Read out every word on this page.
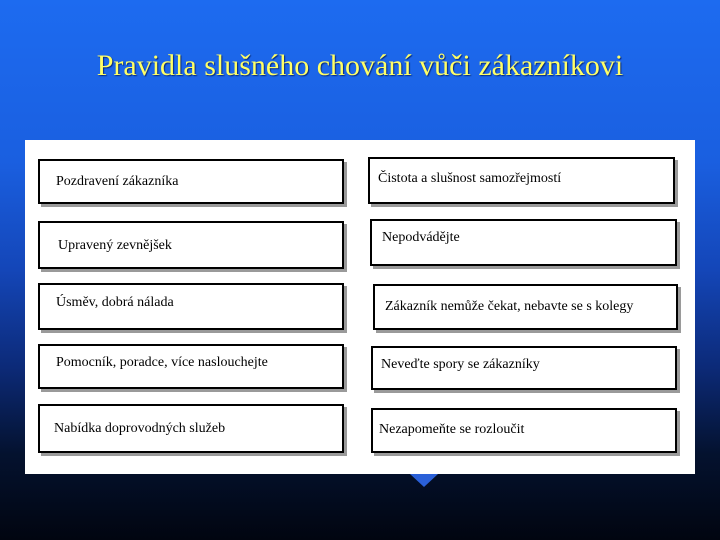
Pravidla slušného chování vůči zákazníkovi
Pozdravení zákazníka
Upravený zevnějšek
Úsměv, dobrá nálada
Pomocník, poradce, více naslouchejte
Nabídka doprovodných služeb
Čistota a slušnost samozřejmostí
Nepodvádějte
Zákazník nemůže čekat, nebavte se s kolegy
Neveďte spory se zákazníky
Nezapomeňte se rozloučit
